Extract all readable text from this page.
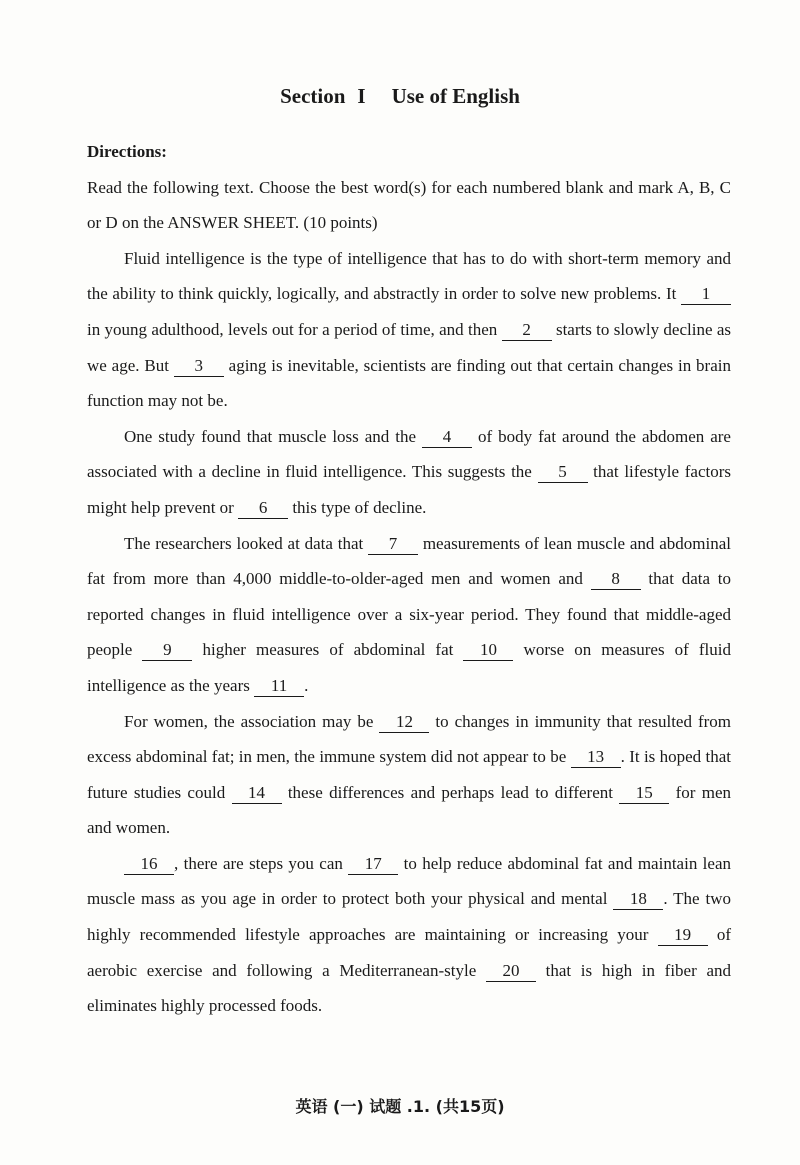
Section I Use of English

Directions:

Read the following text. Choose the best word(s) for each numbered blank and mark A, B, C or D on the ANSWER SHEET. (10 points)

Fluid intelligence is the type of intelligence that has to do with short-term memory and the ability to think quickly, logically, and abstractly in order to solve new problems. It 1 in young adulthood, levels out for a period of time, and then 2 starts to slowly decline as we age. But 3 aging is inevitable, scientists are finding out that certain changes in brain function may not be.

One study found that muscle loss and the 4 of body fat around the abdomen are associated with a decline in fluid intelligence. This suggests the 5 that lifestyle factors might help prevent or 6 this type of decline.

The researchers looked at data that 7 measurements of lean muscle and abdominal fat from more than 4,000 middle-to-older-aged men and women and 8 that data to reported changes in fluid intelligence over a six-year period. They found that middle-aged people 9 higher measures of abdominal fat 10 worse on measures of fluid intelligence as the years 11 .

For women, the association may be 12 to changes in immunity that resulted from excess abdominal fat; in men, the immune system did not appear to be 13 . It is hoped that future studies could 14 these differences and perhaps lead to different 15 for men and women.

16 , there are steps you can 17 to help reduce abdominal fat and maintain lean muscle mass as you age in order to protect both your physical and mental 18 . The two highly recommended lifestyle approaches are maintaining or increasing your 19 of aerobic exercise and following a Mediterranean-style 20 that is high in fiber and eliminates highly processed foods.

英语 (一) 试题 .1. (共15页)
